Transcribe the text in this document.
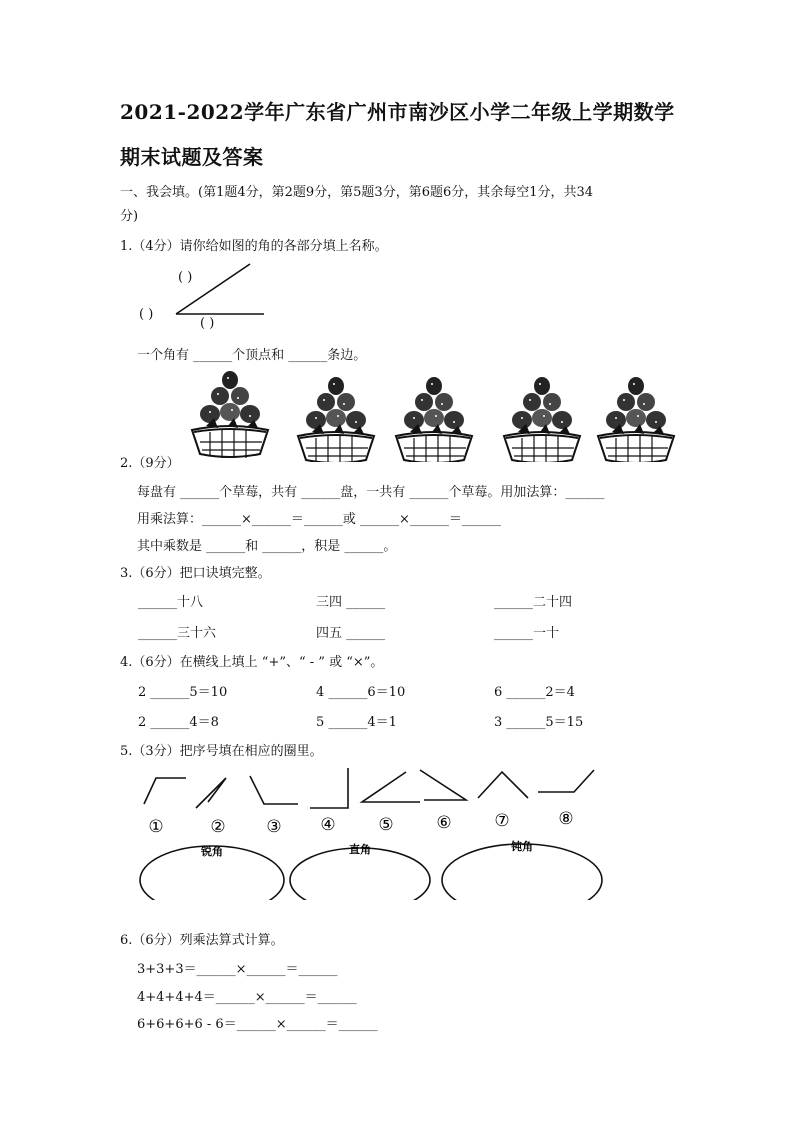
2021-2022学年广东省广州市南沙区小学二年级上学期数学
期末试题及答案
一、我会填。(第1题4分，第2题9分，第5题3分，第6题6分，其余每空1分，共34
分)
1.（4分）请你给如图的角的各部分填上名称。
( )
( )
( )
一个角有 ______个顶点和 ______条边。
2.（9分）
每盘有 ______个草莓，共有 ______盘，一共有 ______个草莓。用加法算：______
用乘法算：______×______＝______或 ______×______＝______
其中乘数是 ______和 ______，积是 ______。
3.（6分）把口诀填完整。
______十八	三四 ______	______二十四
______三十六	四五 ______	______一十
4.（6分）在横线上填上 “+”、“ - ” 或 “×”。
2 ______5＝10	4 ______6＝10	6 ______2＝4
2 ______4＝8	5 ______4＝1	3 ______5＝15
5.（3分）把序号填在相应的圈里。
①	② ③ ④	⑤	⑥	⑦	⑧
锐角	直角	钝角
6.（6分）列乘法算式计算。
3+3+3＝______×______＝______
4+4+4+4＝______×______＝______
6+6+6+6 - 6＝______×______＝______
